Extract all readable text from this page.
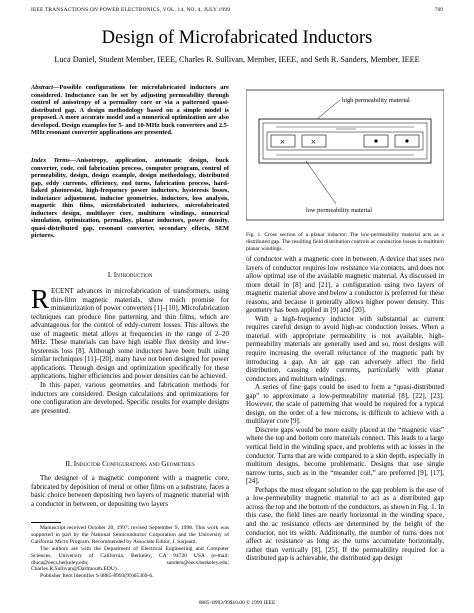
IEEE TRANSACTIONS ON POWER ELECTRONICS, VOL. 14, NO. 4, JULY 1999	709
Design of Microfabricated Inductors
Luca Daniel, Student Member, IEEE, Charles R. Sullivan, Member, IEEE, and Seth R. Sanders, Member, IEEE
Abstract—Possible configurations for microfabricated inductors are considered. Inductance can be set by adjusting permeability through control of anisotropy of a permalloy core or via a patterned quasi-distributed gap. A design methodology based on a simple model is proposed. A more accurate model and a numerical optimization are also developed. Design examples for 5- and 10-MHz buck converters and 2.5-MHz resonant converter applications are presented.
Index Terms—Anisotropy, application, automatic design, buck converter, code, coil fabrication process, computer program, control of permeability, design, design example, design methodology, distributed gap, eddy currents, efficiency, end turns, fabrication process, hard-baked photoresist, high-frequency power inductors, hysteresis losses, inductance adjustment, inductor geometries, inductors, loss analysis, magnetic thin films, microfabricated inductors, microfabricated inductors design, multilayer core, multiturn windings, numerical simulation, optimization, permalloy, planar inductors, power density, quasi-distributed gap, resonant converter, secondary effects, SEM pictures.
I. Introduction

RECENT advances in microfabrication of transformers, using thin-film magnetic materials, show much promise for miniaturization of power converters [1]–[10]. Microfabrication techniques can produce fine patterning and thin films, which are advantageous for the control of eddy-current losses. This allows the use of magnetic metal alloys at frequencies in the range of 2–20 MHz. These materials can have high usable flux density and low-hysteresis loss [8]. Although some inductors have been built using similar techniques [11]–[20], many have not been designed for power applications. Through design and optimization specifically for these applications, higher efficiencies and power densities can be achieved.

In this paper, various geometries and fabrication methods for inductors are considered. Design calculations and optimizations for one configuration are developed. Specific results for example designs are presented.

II. Inductor Configurations and Geometries

The designer of a magnetic component with a magnetic core, fabricated by deposition of metal or other films on a substrate, faces a basic choice between depositing two layers of magnetic material with a conductor in between, or depositing two layers

Manuscript received October 20, 1997; revised September 9, 1998. This work was supported in part by the National Semiconductor Corporation and the University of California Micro Program. Recommended by Associate Editor, J. Sarjeant.

The authors are with the Department of Electrical Engineering and Computer Sciences, University of California, Berkeley, CA 94720 USA (e-mail: dluca@eecs.berkeley.edu; sanders@eecs.berkeley.edu; Charles.R.Sullivan@Dartmouth.EDU).

Publisher Item Identifier S 0885-8993(99)05369-6.

high permeability material
×	×
low permeability material
Fig. 1. Cross section of a planar inductor. The low-permeability material acts as a distributed gap. The resulting field distribution controls ac conduction losses in multiturn planar windings.

of conductor with a magnetic core in between. A device that uses two layers of conductor requires low resistance via contacts, and does not allow optimal use of the available magnetic material. As discussed in more detail in [8] and [21], a configuration using two layers of magnetic material above and below a conductor is preferred for these reasons, and because it generally allows higher power density. This geometry has been applied in [9] and [20].

With a high-frequency inductor with substantial ac current requires careful design to avoid high-ac conduction losses. When a material with appropriate permeability is not available, high-permeability materials are generally used and so, most designs will require increasing the overall reluctance of the magnetic path by introducing a gap. An air gap can adversely affect the field distribution, causing eddy currents, particularly with planar conductors and multiturn windings.

A series of fine gaps could be used to form a “quasi-distributed gap” to approximate a low-permeability material [8], [22], [23]. However, the scale of patterning that would be required for a typical design, on the order of a few microns, is difficult to achieve with a multilayer core [9].

Discrete gaps would be more easily placed at the “magnetic vias” where the top and bottom core materials connect. This leads to a large vertical field in the winding space, and problems with ac losses in the conductor. Turns that are wide compared to a skin depth, especially in multiturn designs, become problematic. Designs that use single narrow turns, such as in the “meander coil,” are preferred [9], [17], [24].

Perhaps the most elegant solution to the gap problem is the use of a low-permeability magnetic material to act as a distributed gap across the top and the bottom of the conductors, as shown in Fig. 1. In this case, the field lines are nearly horizontal in the winding space, and the ac resistance effects are determined by the height of the conductor, not its width. Additionally, the number of turns does not affect ac resistance as long as the turns accumulate horizontally, rather than vertically [8], [25]. If the permeability required for a distributed gap is achievable, the distributed gap design

0885–8993/99$10.00 © 1999 IEEE
